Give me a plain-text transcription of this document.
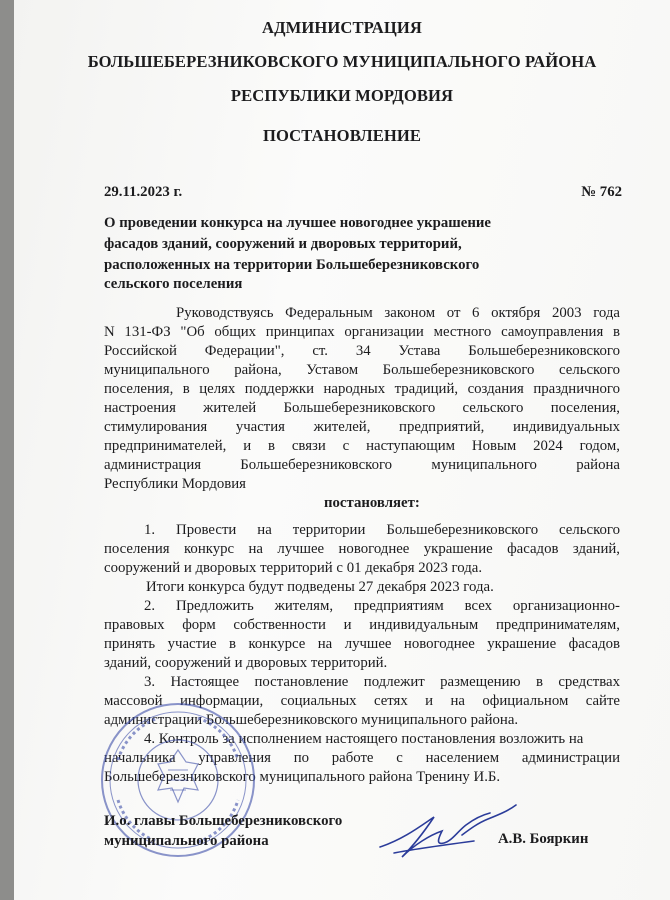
АДМИНИСТРАЦИЯ
БОЛЬШЕБЕРЕЗНИКОВСКОГО МУНИЦИПАЛЬНОГО РАЙОНА
РЕСПУБЛИКИ МОРДОВИЯ
ПОСТАНОВЛЕНИЕ
29.11.2023 г.	№ 762
О проведении конкурса на лучшее новогоднее украшение
фасадов зданий, сооружений и дворовых территорий,
расположенных на территории Большеберезниковского
сельского поселения
Руководствуясь Федеральным законом от 6 октября 2003 года
N 131-ФЗ "Об общих принципах организации местного самоуправления в
Российской Федерации", ст. 34 Устава Большеберезниковского
муниципального района, Уставом Большеберезниковского сельского
поселения, в целях поддержки народных традиций, создания праздничного
настроения жителей Большеберезниковского сельского поселения,
стимулирования участия жителей, предприятий, индивидуальных
предпринимателей, и в связи с наступающим Новым 2024 годом,
администрация Большеберезниковского муниципального района
Республики Мордовия
постановляет:
1. Провести на территории Большеберезниковского сельского
поселения конкурс на лучшее новогоднее украшение фасадов зданий,
сооружений и дворовых территорий с 01 декабря 2023 года.
Итоги конкурса будут подведены 27 декабря 2023 года.
2. Предложить жителям, предприятиям всех организационно-
правовых форм собственности и индивидуальным предпринимателям,
принять участие в конкурсе на лучшее новогоднее украшение фасадов
зданий, сооружений и дворовых территорий.
3. Настоящее постановление подлежит размещению в средствах
массовой информации, социальных сетях и на официальном сайте
администрации Большеберезниковского муниципального района.
4. Контроль за исполнением настоящего постановления возложить на
начальника управления по работе с населением администрации
Большеберезниковского муниципального района Тренину И.Б.
И.о. главы Большеберезниковского
муниципального района	А.В. Бояркин
